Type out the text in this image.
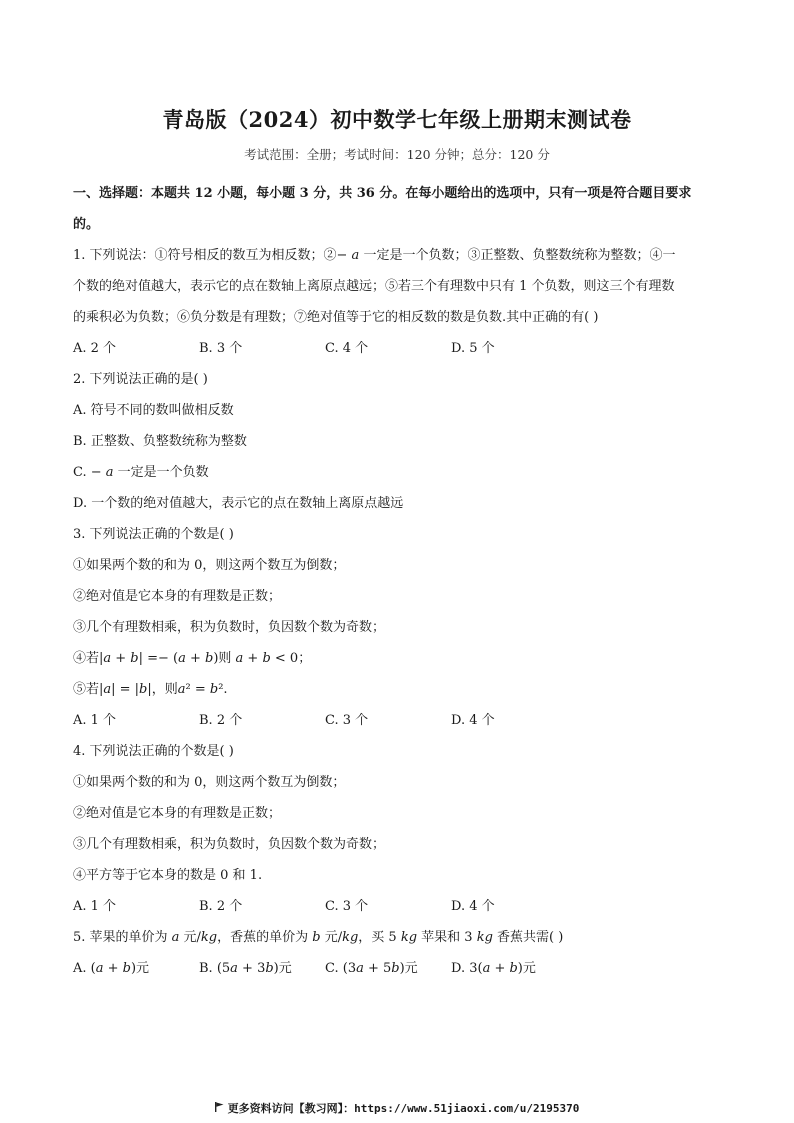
青岛版（2024）初中数学七年级上册期末测试卷
考试范围：全册；考试时间：120 分钟；总分：120 分
一、选择题：本题共 12 小题，每小题 3 分，共 36 分。在每小题给出的选项中，只有一项是符合题目要求
的。
1. 下列说法：①符号相反的数互为相反数；②− 𝑎 一定是一个负数；③正整数、负整数统称为整数；④一
个数的绝对值越大，表示它的点在数轴上离原点越远；⑤若三个有理数中只有 1 个负数，则这三个有理数
的乘积必为负数；⑥负分数是有理数；⑦绝对值等于它的相反数的数是负数.其中正确的有( )
A. 2 个	B. 3 个	C. 4 个	D. 5 个
2. 下列说法正确的是( )
A. 符号不同的数叫做相反数
B. 正整数、负整数统称为整数
C. − 𝑎 一定是一个负数
D. 一个数的绝对值越大，表示它的点在数轴上离原点越远
3. 下列说法正确的个数是( )
①如果两个数的和为 0，则这两个数互为倒数；
②绝对值是它本身的有理数是正数；
③几个有理数相乘，积为负数时，负因数个数为奇数；
④若|𝑎 + 𝑏| =− (𝑎 + 𝑏)则 𝑎 + 𝑏 < 0；
⑤若|𝑎| = |𝑏|，则𝑎² = 𝑏².
A. 1 个	B. 2 个	C. 3 个	D. 4 个
4. 下列说法正确的个数是( )
①如果两个数的和为 0，则这两个数互为倒数；
②绝对值是它本身的有理数是正数；
③几个有理数相乘，积为负数时，负因数个数为奇数；
④平方等于它本身的数是 0 和 1.
A. 1 个	B. 2 个	C. 3 个	D. 4 个
5. 苹果的单价为 𝑎 元/𝑘𝑔，香蕉的单价为 𝑏 元/𝑘𝑔，买 5 𝑘𝑔 苹果和 3 𝑘𝑔 香蕉共需( )
A. (𝑎 + 𝑏)元	B. (5𝑎 + 3𝑏)元	C. (3𝑎 + 5𝑏)元	D. 3(𝑎 + 𝑏)元
更多资料访问【教习网】：https://www.51jiaoxi.com/u/2195370
